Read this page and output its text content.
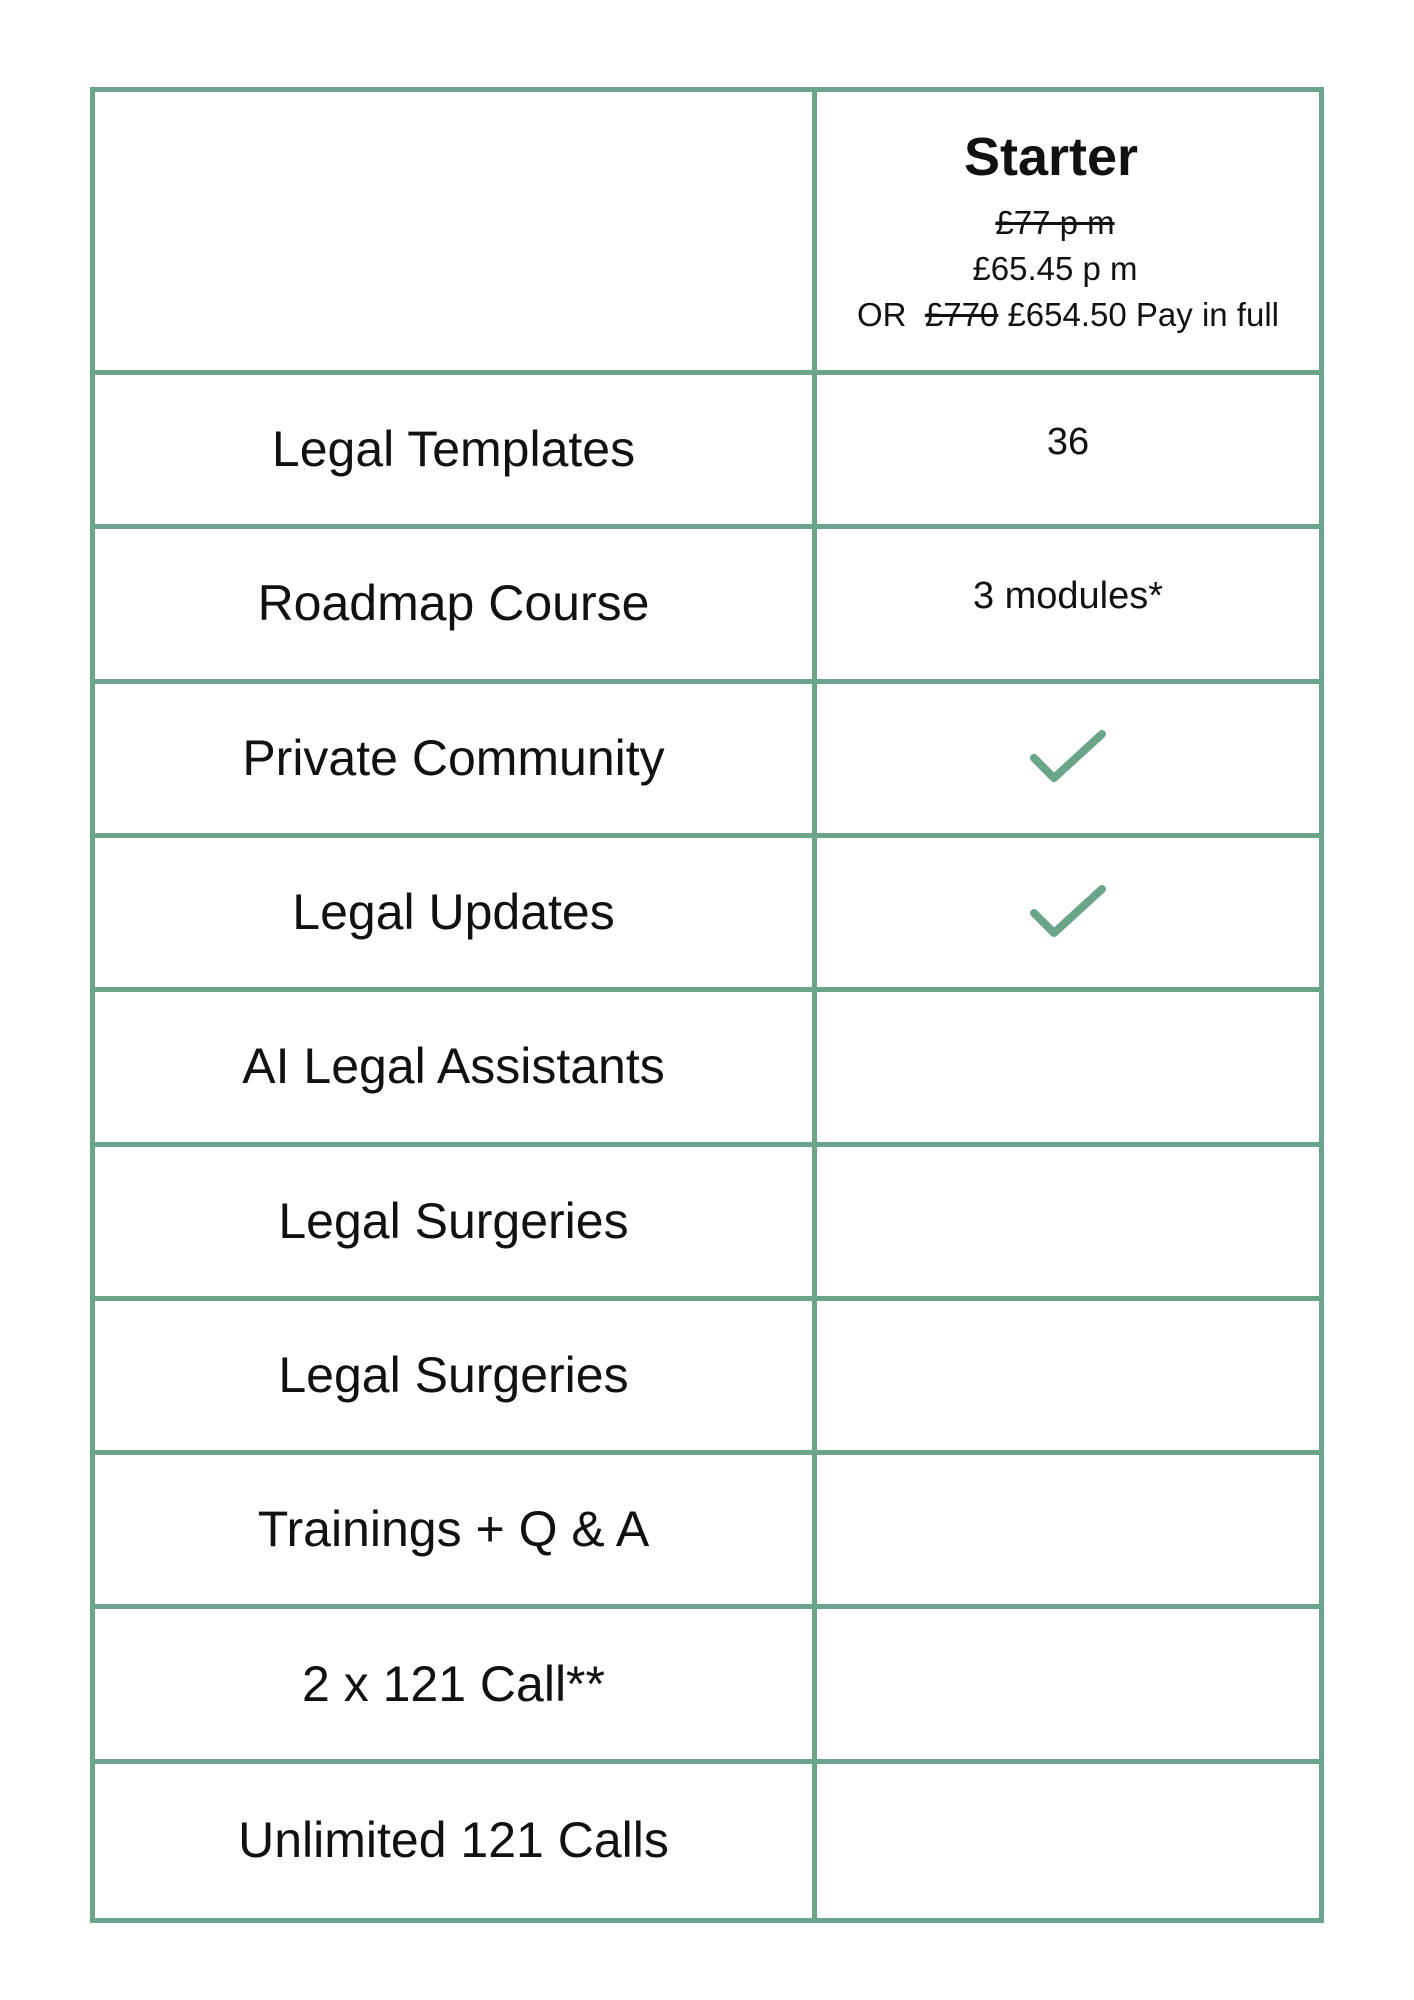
Starter
£77 p m
£65.45 p m
OR £770 £654.50 Pay in full
Legal Templates	36
Roadmap Course	3 modules*
Private Community
Legal Updates
AI Legal Assistants
Legal Surgeries
Legal Surgeries
Trainings + Q & A
2 x 121 Call**
Unlimited 121 Calls
